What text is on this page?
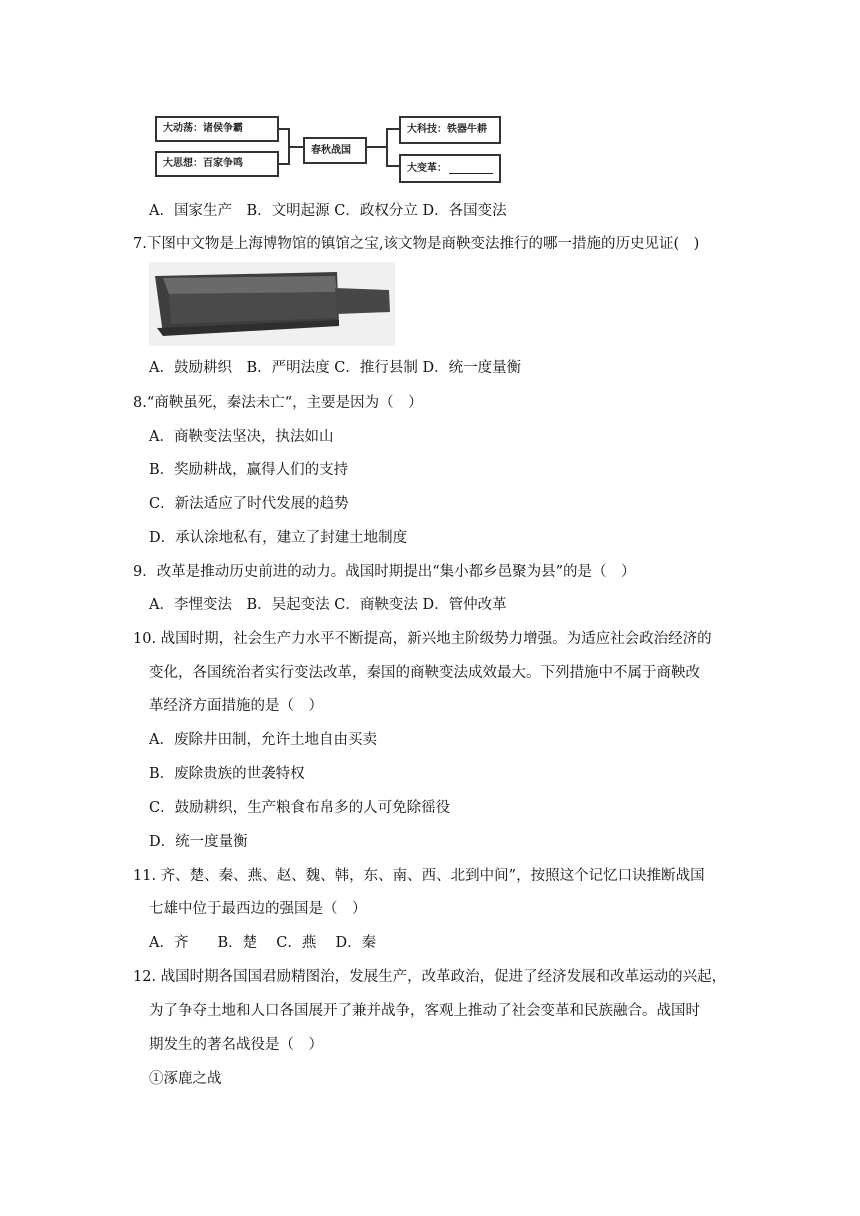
大动荡：诸侯争霸
大思想：百家争鸣
春秋战国
大科技：铁器牛耕
大变革：
A．国家生产　B．文明起源 C．政权分立 D．各国变法
7.下图中文物是上海博物馆的镇馆之宝,该文物是商鞅变法推行的哪一措施的历史见证(　)
A．鼓励耕织　B．严明法度 C．推行县制 D．统一度量衡
8.“商鞅虽死，秦法未亡“，主要是因为（　）
A．商鞅变法坚决，执法如山
B．奖励耕战，赢得人们的支持
C．新法适应了时代发展的趋势
D．承认涂地私有，建立了封建土地制度
9．改革是推动历史前进的动力。战国时期提出“集小都乡邑聚为县”的是（　）
A．李悝变法　B．吴起变法 C．商鞅变法 D．管仲改革
10. 战国时期，社会生产力水平不断提高，新兴地主阶级势力增强。为适应社会政治经济的
变化，各国统治者实行变法改革，秦国的商鞅变法成效最大。下列措施中不属于商鞅改
革经济方面措施的是（　）
A．废除井田制，允许土地自由买卖
B．废除贵族的世袭特权
C．鼓励耕织，生产粮食布帛多的人可免除徭役
D．统一度量衡
11. 齐、楚、秦、燕、赵、魏、韩，东、南、西、北到中间”，按照这个记忆口诀推断战国
七雄中位于最西边的强国是（　）
A．齐　　B．楚　 C．燕　 D．秦
12. 战国时期各国国君励精图治，发展生产，改革政治，促进了经济发展和改革运动的兴起，
为了争夺土地和人口各国展开了兼并战争，客观上推动了社会变革和民族融合。战国时
期发生的著名战役是（　）
①涿鹿之战
